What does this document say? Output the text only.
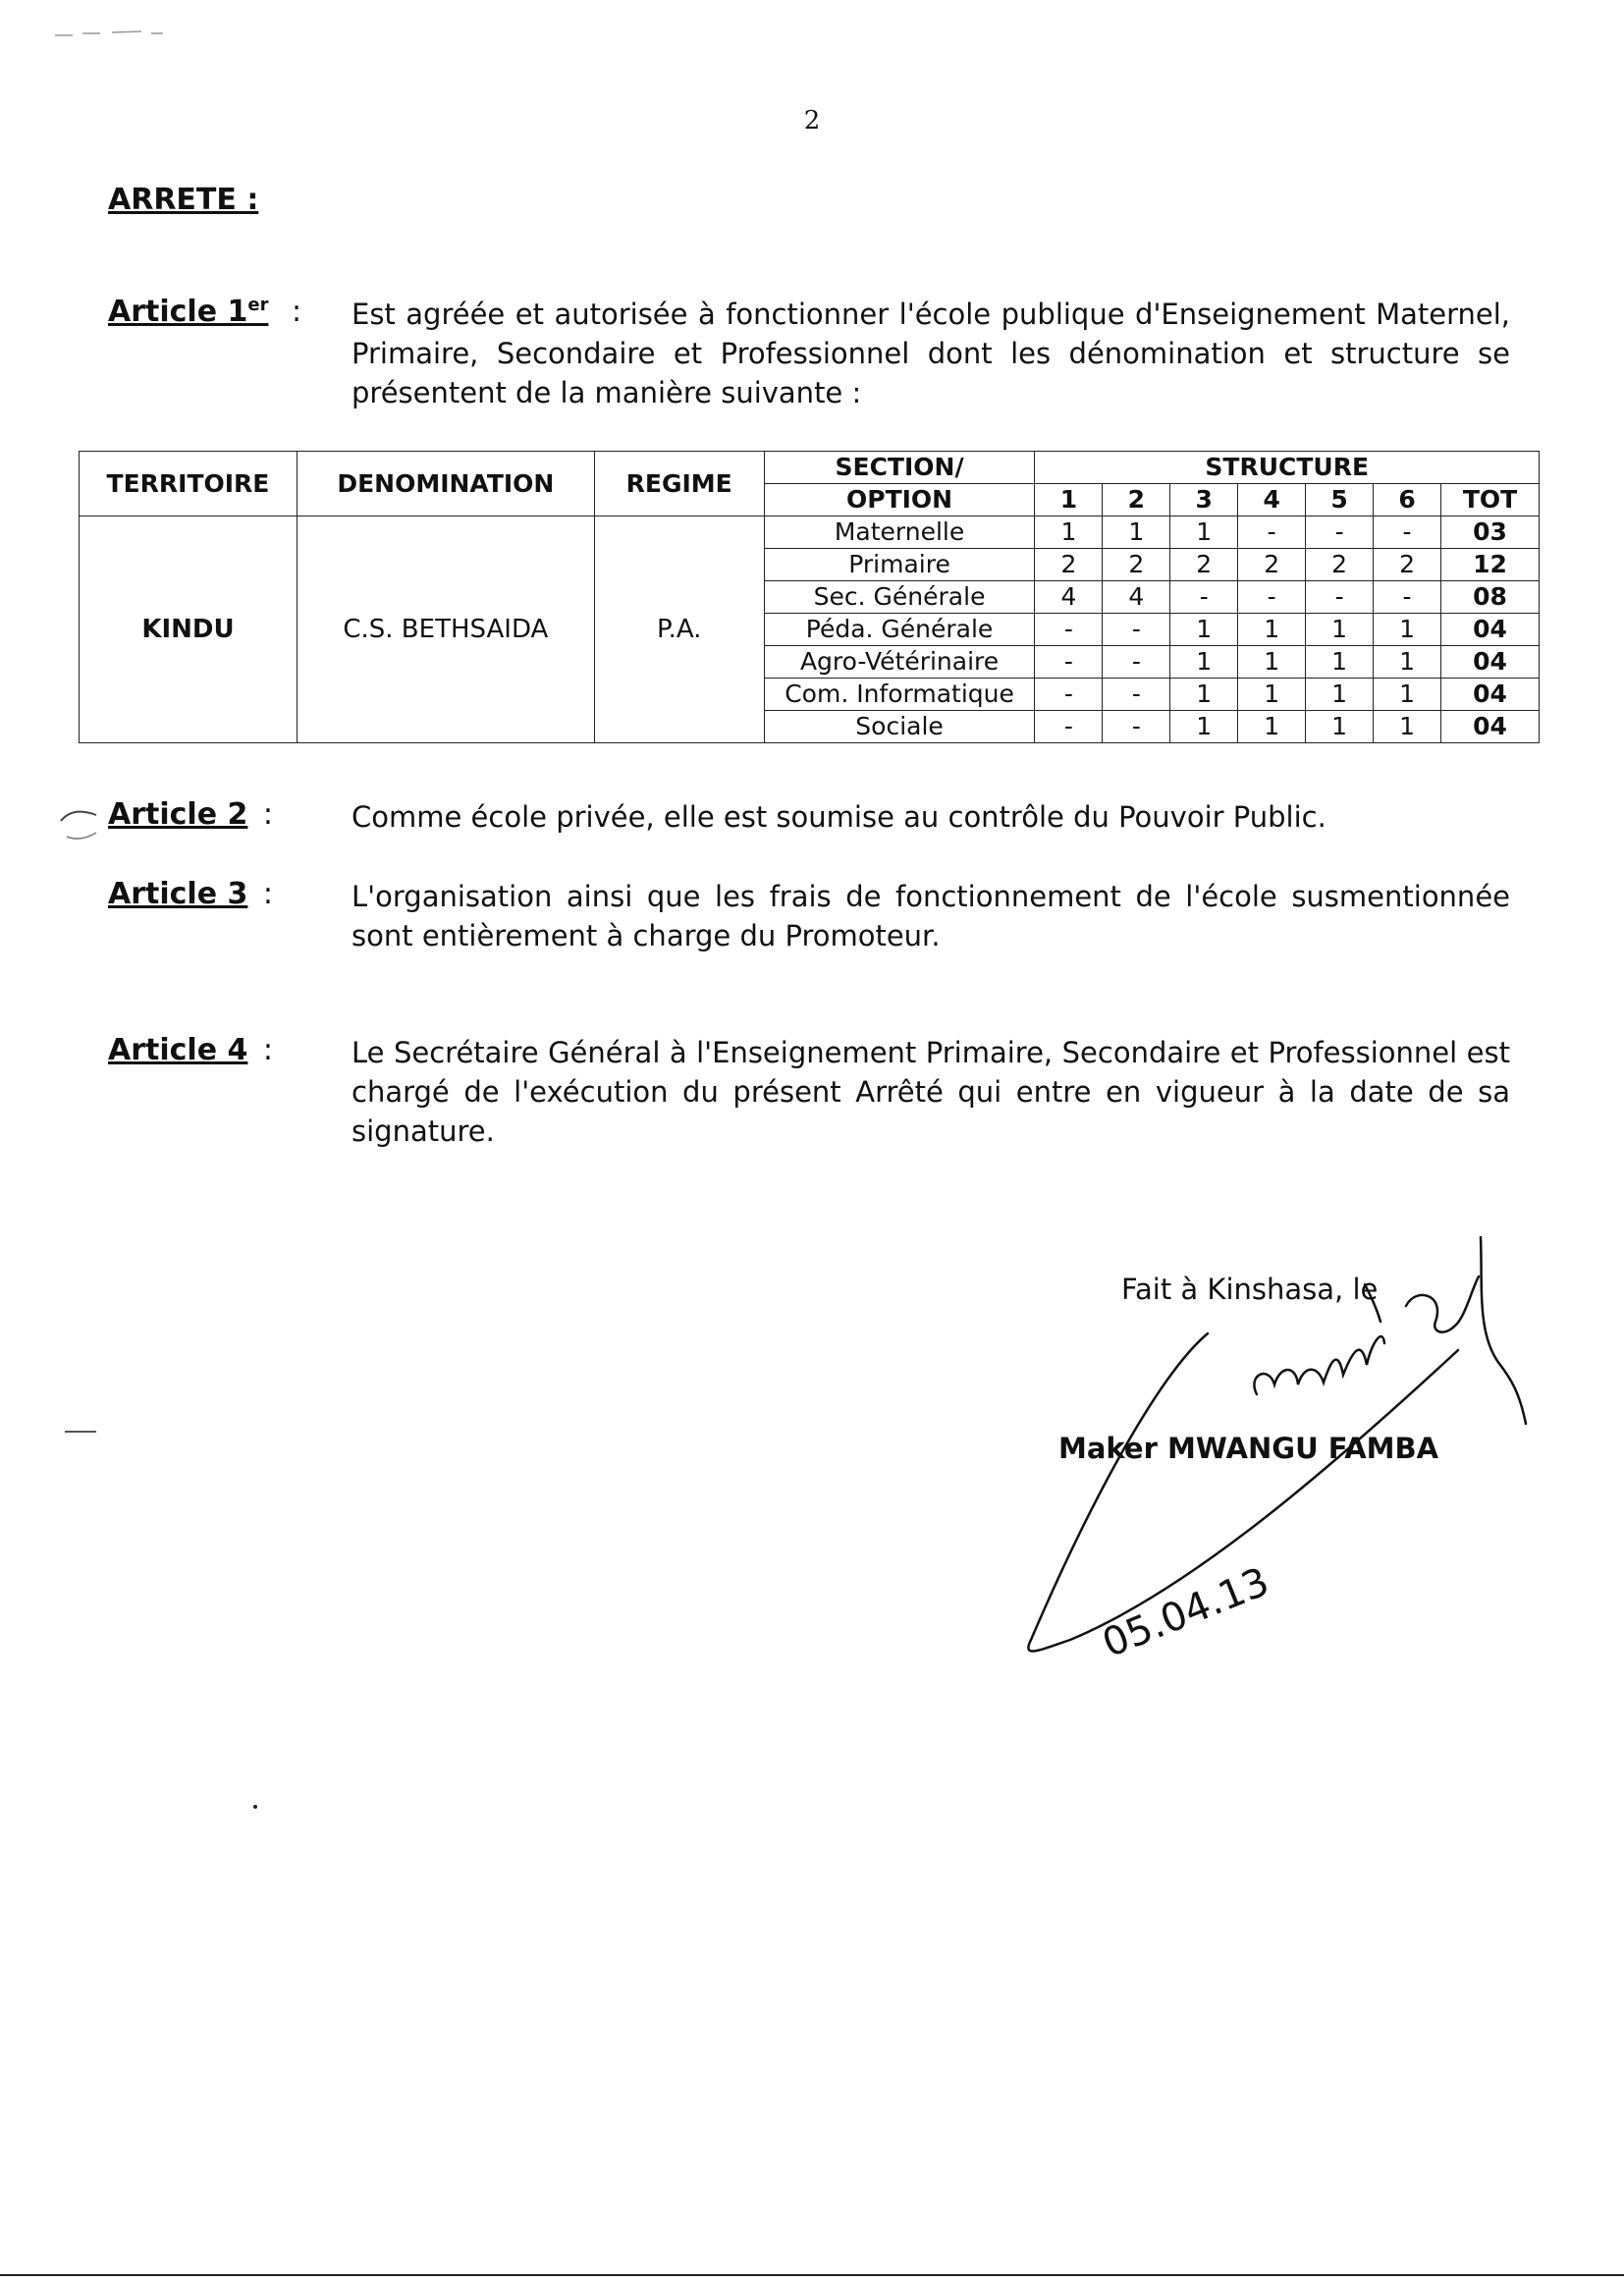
2
ARRETE :
Article 1er : Est agréée et autorisée à fonctionner l'école publique d'Enseignement Maternel, Primaire, Secondaire et Professionnel dont les dénomination et structure se présentent de la manière suivante :
TERRITOIRE	DENOMINATION	REGIME	SECTION/	STRUCTURE						
			OPTION	1	2	3	4	5	6	TOT
KINDU	C.S. BETHSAIDA	P.A.	Maternelle	1	1	1	-	-	-	03
			Primaire	2	2	2	2	2	2	12
			Sec. Générale	4	4	-	-	-	-	08
			Péda. Générale	-	-	1	1	1	1	04
			Agro-Vétérinaire	-	-	1	1	1	1	04
			Com. Informatique	-	-	1	1	1	1	04
			Sociale	-	-	1	1	1	1	04
Article 2 :	Comme école privée, elle est soumise au contrôle du Pouvoir Public.
Article 3 :	L'organisation ainsi que les frais de fonctionnement de l'école susmentionnée sont entièrement à charge du Promoteur.
Article 4 :	Le Secrétaire Général à l'Enseignement Primaire, Secondaire et Professionnel est chargé de l'exécution du présent Arrêté qui entre en vigueur à la date de sa signature.
Fait à Kinshasa, le
Maker MWANGU FAMBA
05.04.13
